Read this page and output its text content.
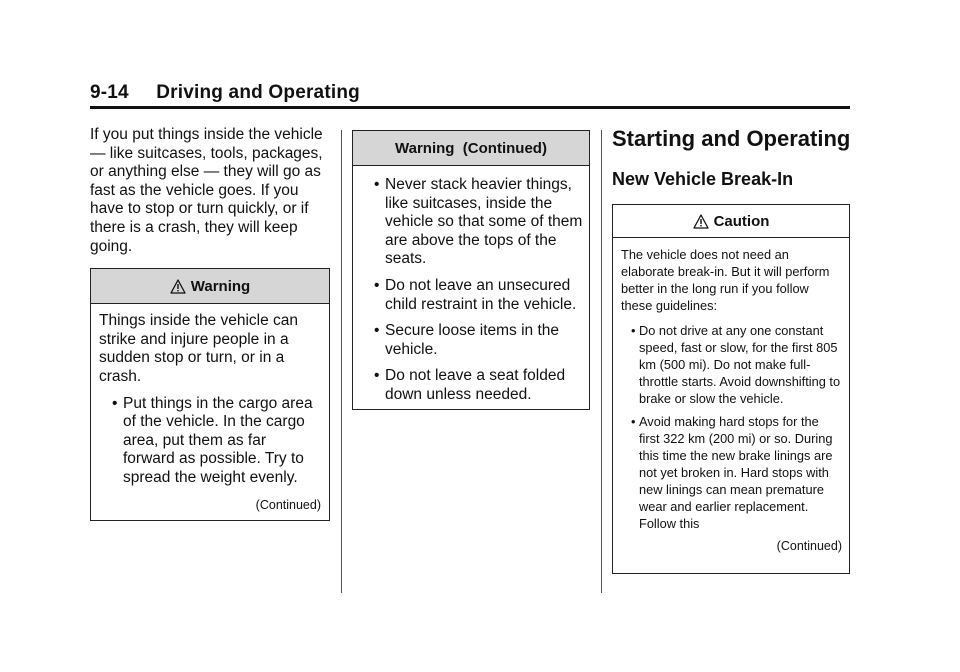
9-14     Driving and Operating

If you put things inside the vehicle — like suitcases, tools, packages, or anything else — they will go as fast as the vehicle goes. If you have to stop or turn quickly, or if there is a crash, they will keep going.

Warning
Things inside the vehicle can strike and injure people in a sudden stop or turn, or in a crash.
• Put things in the cargo area of the vehicle. In the cargo area, put them as far forward as possible. Try to spread the weight evenly.
(Continued)
Warning  (Continued)
• Never stack heavier things, like suitcases, inside the vehicle so that some of them are above the tops of the seats.
• Do not leave an unsecured child restraint in the vehicle.
• Secure loose items in the vehicle.
• Do not leave a seat folded down unless needed.
Starting and Operating
New Vehicle Break-In
Caution
The vehicle does not need an elaborate break-in. But it will perform better in the long run if you follow these guidelines:
• Do not drive at any one constant speed, fast or slow, for the first 805 km (500 mi). Do not make full-throttle starts. Avoid downshifting to brake or slow the vehicle.
• Avoid making hard stops for the first 322 km (200 mi) or so. During this time the new brake linings are not yet broken in. Hard stops with new linings can mean premature wear and earlier replacement. Follow this
(Continued)
